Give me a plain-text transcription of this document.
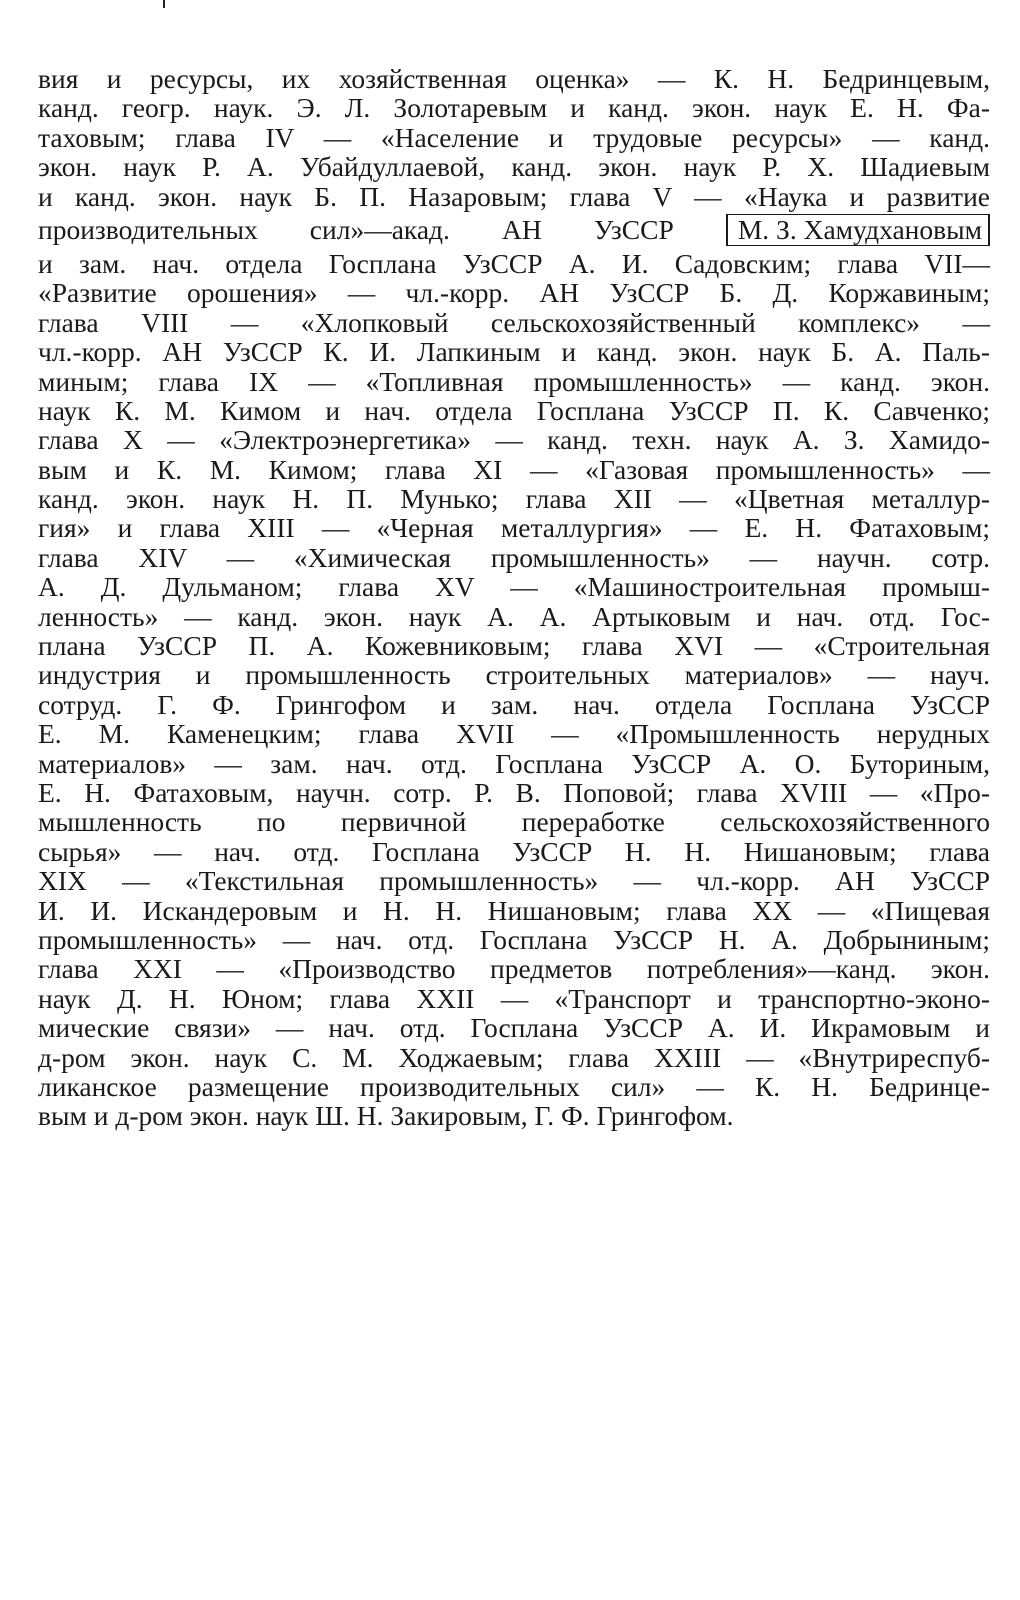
вия и ресурсы, их хозяйственная оценка» — К. Н. Бедринцевым,
канд. геогр. наук. Э. Л. Золотаревым и канд. экон. наук Е. Н. Фа-
таховым; глава IV — «Население и трудовые ресурсы» — канд.
экон. наук Р. А. Убайдуллаевой, канд. экон. наук Р. Х. Шадиевым
и канд. экон. наук Б. П. Назаровым; глава V — «Наука и развитие
производительных сил»—акад. АН УзССР М. З. Хамудхановым
и зам. нач. отдела Госплана УзССР А. И. Садовским; глава VII—
«Развитие орошения» — чл.-корр. АН УзССР Б. Д. Коржавиным;
глава VIII — «Хлопковый сельскохозяйственный комплекс» —
чл.-корр. АН УзССР К. И. Лапкиным и канд. экон. наук Б. А. Паль-
миным; глава IX — «Топливная промышленность» — канд. экон.
наук К. М. Кимом и нач. отдела Госплана УзССР П. К. Савченко;
глава X — «Электроэнергетика» — канд. техн. наук А. З. Хамидо-
вым и К. М. Кимом; глава XI — «Газовая промышленность» —
канд. экон. наук Н. П. Мунько; глава XII — «Цветная металлур-
гия» и глава XIII — «Черная металлургия» — Е. Н. Фатаховым;
глава XIV — «Химическая промышленность» — научн. сотр.
А. Д. Дульманом; глава XV — «Машиностроительная промыш-
ленность» — канд. экон. наук А. А. Артыковым и нач. отд. Гос-
плана УзССР П. А. Кожевниковым; глава XVI — «Строительная
индустрия и промышленность строительных материалов» — науч.
сотруд. Г. Ф. Грингофом и зам. нач. отдела Госплана УзССР
Е. М. Каменецким; глава XVII — «Промышленность нерудных
материалов» — зам. нач. отд. Госплана УзССР А. О. Буториным,
Е. Н. Фатаховым, научн. сотр. Р. В. Поповой; глава XVIII — «Про-
мышленность по первичной переработке сельскохозяйственного
сырья» — нач. отд. Госплана УзССР Н. Н. Нишановым; глава
XIX — «Текстильная промышленность» — чл.-корр. АН УзССР
И. И. Искандеровым и Н. Н. Нишановым; глава XX — «Пищевая
промышленность» — нач. отд. Госплана УзССР Н. А. Добрыниным;
глава XXI — «Производство предметов потребления»—канд. экон.
наук Д. Н. Юном; глава XXII — «Транспорт и транспортно-эконо-
мические связи» — нач. отд. Госплана УзССР А. И. Икрамовым и
д-ром экон. наук С. М. Ходжаевым; глава XXIII — «Внутриреспуб-
ликанское размещение производительных сил» — К. Н. Бедринце-
вым и д-ром экон. наук Ш. Н. Закировым, Г. Ф. Грингофом.
